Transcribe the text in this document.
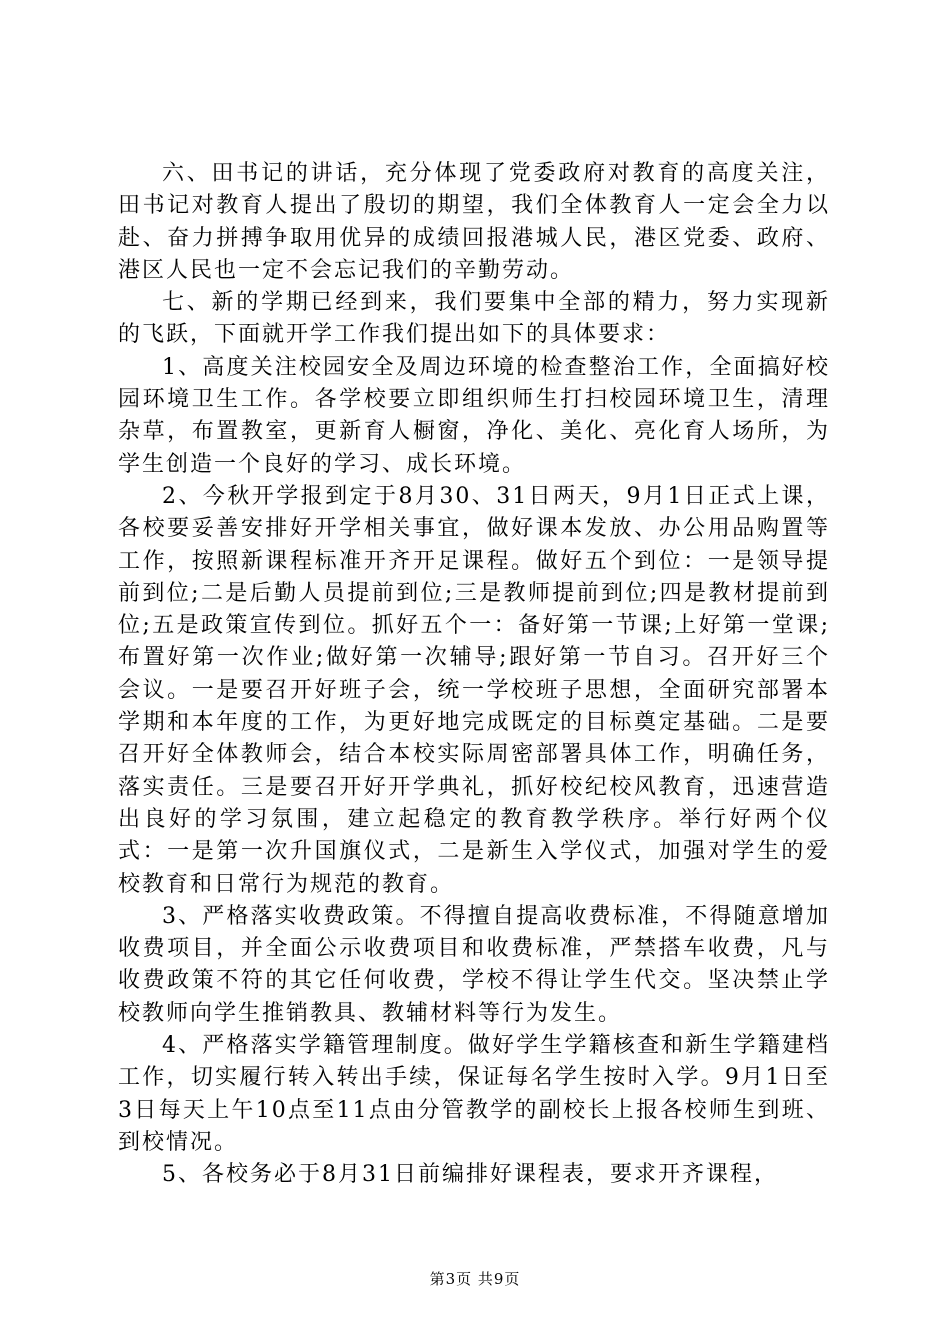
六、田书记的讲话，充分体现了党委政府对教育的高度关注，田书记对教育人提出了殷切的期望，我们全体教育人一定会全力以赴、奋力拼搏争取用优异的成绩回报港城人民，港区党委、政府、港区人民也一定不会忘记我们的辛勤劳动。

七、新的学期已经到来，我们要集中全部的精力，努力实现新的飞跃，下面就开学工作我们提出如下的具体要求：

1、高度关注校园安全及周边环境的检查整治工作，全面搞好校园环境卫生工作。各学校要立即组织师生打扫校园环境卫生，清理杂草，布置教室，更新育人橱窗，净化、美化、亮化育人场所，为学生创造一个良好的学习、成长环境。

2、今秋开学报到定于8月30、31日两天，9月1日正式上课，各校要妥善安排好开学相关事宜，做好课本发放、办公用品购置等工作，按照新课程标准开齐开足课程。做好五个到位：一是领导提前到位;二是后勤人员提前到位;三是教师提前到位;四是教材提前到位;五是政策宣传到位。抓好五个一：备好第一节课;上好第一堂课;布置好第一次作业;做好第一次辅导;跟好第一节自习。召开好三个会议。一是要召开好班子会，统一学校班子思想，全面研究部署本学期和本年度的工作，为更好地完成既定的目标奠定基础。二是要召开好全体教师会，结合本校实际周密部署具体工作，明确任务，落实责任。三是要召开好开学典礼，抓好校纪校风教育，迅速营造出良好的学习氛围，建立起稳定的教育教学秩序。举行好两个仪式：一是第一次升国旗仪式，二是新生入学仪式，加强对学生的爱校教育和日常行为规范的教育。

3、严格落实收费政策。不得擅自提高收费标准，不得随意增加收费项目，并全面公示收费项目和收费标准，严禁搭车收费，凡与收费政策不符的其它任何收费，学校不得让学生代交。坚决禁止学校教师向学生推销教具、教辅材料等行为发生。

4、严格落实学籍管理制度。做好学生学籍核查和新生学籍建档工作，切实履行转入转出手续，保证每名学生按时入学。9月1日至3日每天上午10点至11点由分管教学的副校长上报各校师生到班、到校情况。

5、各校务必于8月31日前编排好课程表，要求开齐课程，

第3页 共9页
